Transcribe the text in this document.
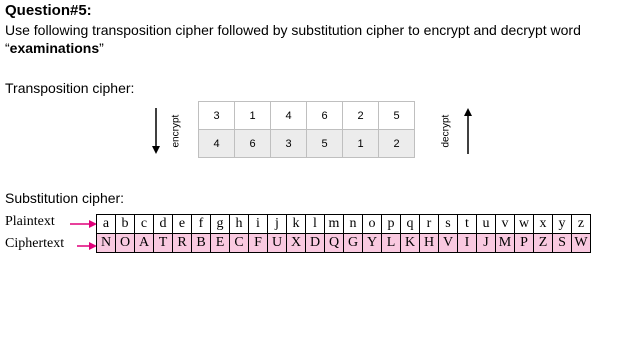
Question#5:
Use following transposition cipher followed by substitution cipher to encrypt and decrypt word
“examinations”
Transposition cipher:
encrypt	3	1	4	6	2	5
4	6	3	5	1	2	decrypt
Substitution cipher:
Plaintext
Ciphertext
a	b	c	d	e	f	g	h	i	j	k	l	m	n	o	p	q	r	s	t	u	v	w	x	y	z
N	O	A	T	R	B	E	C	F	U	X	D	Q	G	Y	L	K	H	V	I	J	M	P	Z	S	W
